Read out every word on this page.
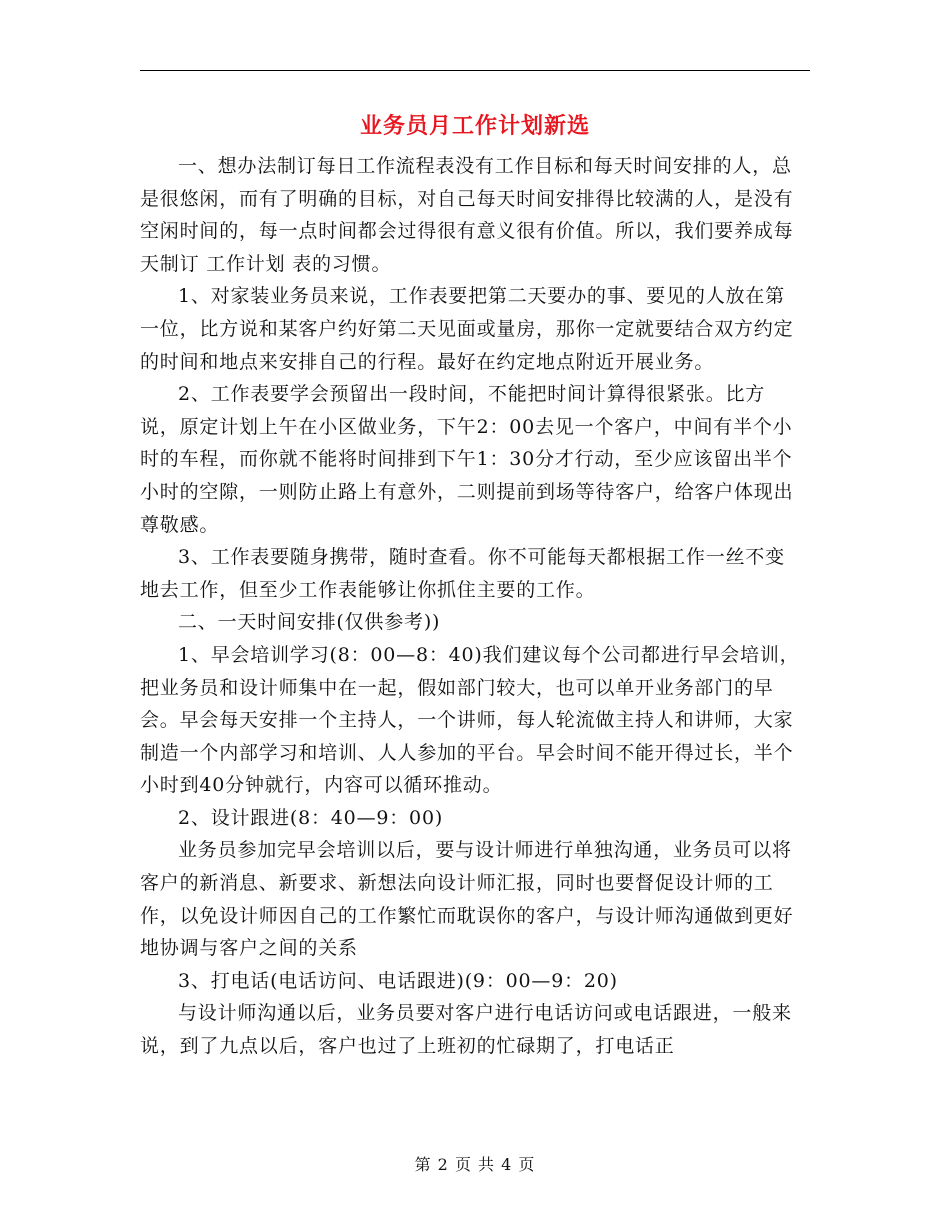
业务员月工作计划新选

一、想办法制订每日工作流程表没有工作目标和每天时间安排的人，总是很悠闲，而有了明确的目标，对自己每天时间安排得比较满的人，是没有空闲时间的，每一点时间都会过得很有意义很有价值。所以，我们要养成每天制订 工作计划 表的习惯。

1、对家装业务员来说，工作表要把第二天要办的事、要见的人放在第一位，比方说和某客户约好第二天见面或量房，那你一定就要结合双方约定的时间和地点来安排自己的行程。最好在约定地点附近开展业务。

2、工作表要学会预留出一段时间，不能把时间计算得很紧张。比方说，原定计划上午在小区做业务，下午2：00去见一个客户，中间有半个小时的车程，而你就不能将时间排到下午1：30分才行动，至少应该留出半个小时的空隙，一则防止路上有意外，二则提前到场等待客户，给客户体现出尊敬感。

3、工作表要随身携带，随时查看。你不可能每天都根据工作一丝不变地去工作，但至少工作表能够让你抓住主要的工作。

二、一天时间安排(仅供参考))

1、早会培训学习(8：00—8：40)我们建议每个公司都进行早会培训，把业务员和设计师集中在一起，假如部门较大，也可以单开业务部门的早会。早会每天安排一个主持人，一个讲师，每人轮流做主持人和讲师，大家制造一个内部学习和培训、人人参加的平台。早会时间不能开得过长，半个小时到40分钟就行，内容可以循环推动。

2、设计跟进(8：40—9：00)

业务员参加完早会培训以后，要与设计师进行单独沟通，业务员可以将客户的新消息、新要求、新想法向设计师汇报，同时也要督促设计师的工作，以免设计师因自己的工作繁忙而耽误你的客户，与设计师沟通做到更好地协调与客户之间的关系

3、打电话(电话访问、电话跟进)(9：00—9：20)

与设计师沟通以后，业务员要对客户进行电话访问或电话跟进，一般来说，到了九点以后，客户也过了上班初的忙碌期了，打电话正

第 2 页 共 4 页
